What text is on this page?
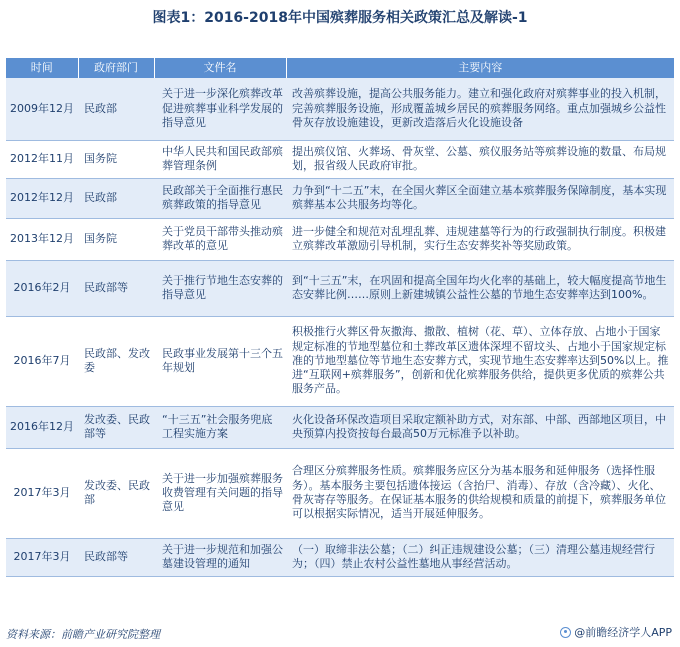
图表1：2016-2018年中国殡葬服务相关政策汇总及解读-1
时间	政府部门	文件名	主要内容
2009年12月	民政部	关于进一步深化殡葬改革促进殡葬事业科学发展的指导意见	改善殡葬设施，提高公共服务能力。建立和强化政府对殡葬事业的投入机制，完善殡葬服务设施，形成覆盖城乡居民的殡葬服务网络。重点加强城乡公益性骨灰存放设施建设，更新改造落后火化设施设备
2012年11月	国务院	中华人民共和国民政部殡葬管理条例	提出殡仪馆、火葬场、骨灰堂、公墓、殡仪服务站等殡葬设施的数量、布局规划，报省级人民政府审批。
2012年12月	民政部	民政部关于全面推行惠民殡葬政策的指导意见	力争到“十二五”末，在全国火葬区全面建立基本殡葬服务保障制度，基本实现殡葬基本公共服务均等化。
2013年12月	国务院	关于党员干部带头推动殡葬改革的意见	进一步健全和规范对乱埋乱葬、违规建墓等行为的行政强制执行制度。积极建立殡葬改革激励引导机制，实行生态安葬奖补等奖励政策。
2016年2月	民政部等	关于推行节地生态安葬的指导意见	到“十三五”末，在巩固和提高全国年均火化率的基础上，较大幅度提高节地生态安葬比例……原则上新建城镇公益性公墓的节地生态安葬率达到100%。
2016年7月	民政部、发改委	民政事业发展第十三个五年规划	积极推行火葬区骨灰撒海、撒散、植树（花、草）、立体存放、占地小于国家规定标准的节地型墓位和土葬改革区遗体深埋不留坟头、占地小于国家规定标准的节地型墓位等节地生态安葬方式，实现节地生态安葬率达到50%以上。推进“互联网+殡葬服务”，创新和优化殡葬服务供给，提供更多优质的殡葬公共服务产品。
2016年12月	发改委、民政部等	“十三五”社会服务兜底工程实施方案	火化设备环保改造项目采取定额补助方式，对东部、中部、西部地区项目，中央预算内投资按每台最高50万元标准予以补助。
2017年3月	发改委、民政部	关于进一步加强殡葬服务收费管理有关问题的指导意见	合理区分殡葬服务性质。殡葬服务应区分为基本服务和延伸服务（选择性服务）。基本服务主要包括遗体接运（含抬尸、消毒）、存放（含冷藏）、火化、骨灰寄存等服务。在保证基本服务的供给规模和质量的前提下，殡葬服务单位可以根据实际情况，适当开展延伸服务。
2017年3月	民政部等	关于进一步规范和加强公墓建设管理的通知	（一）取缔非法公墓；（二）纠正违规建设公墓；（三）清理公墓违规经营行为；（四）禁止农村公益性墓地从事经营活动。
资料来源：前瞻产业研究院整理	@前瞻经济学人APP
